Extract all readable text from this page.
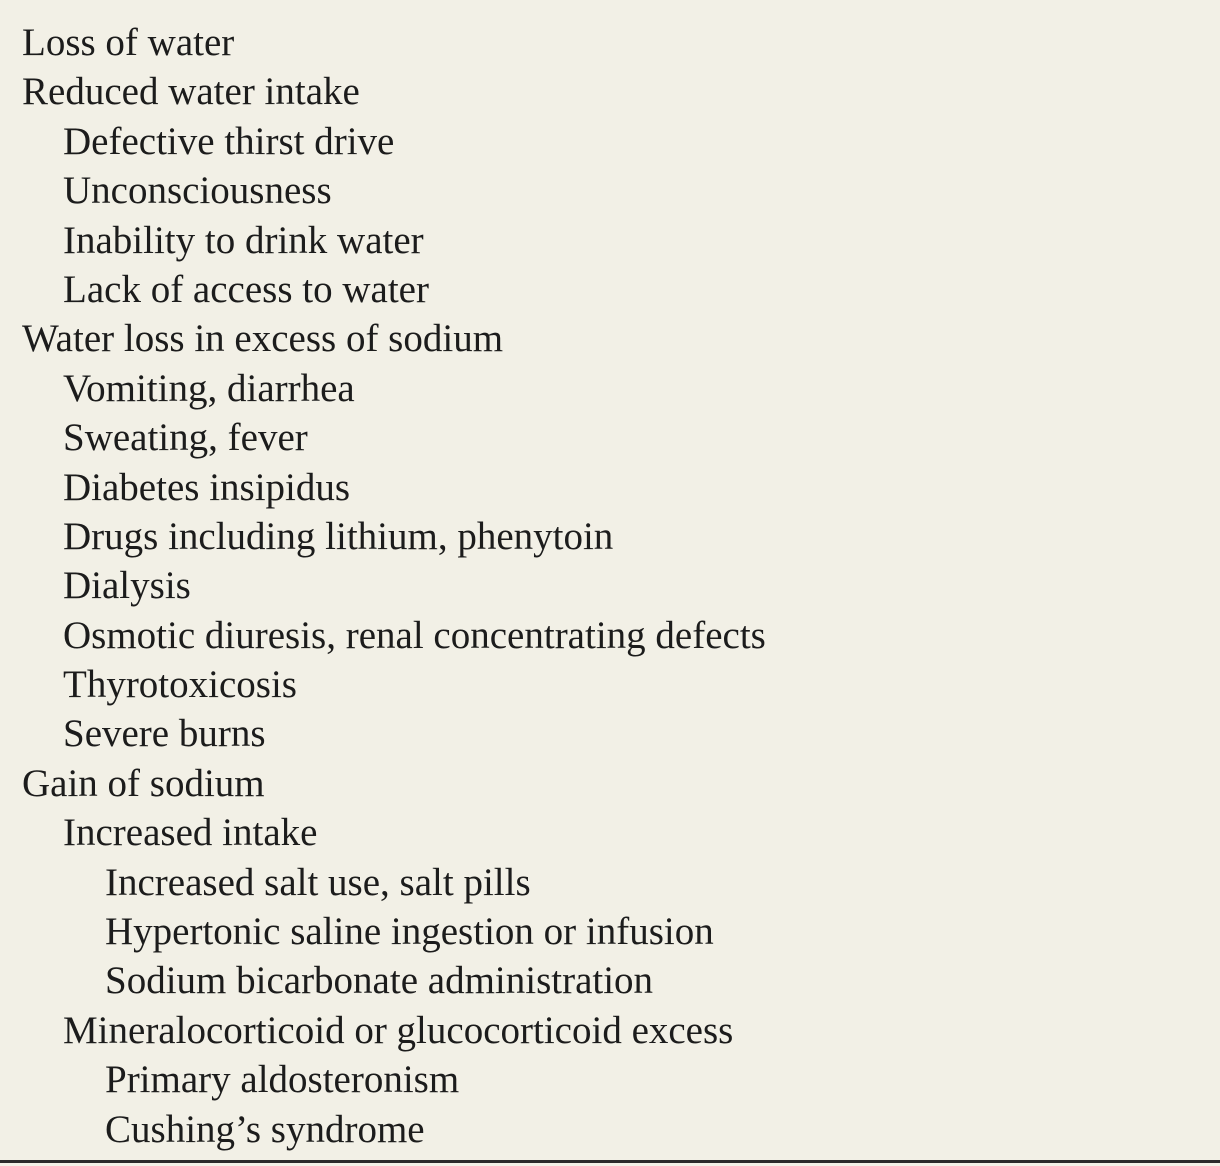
Loss of water
Reduced water intake
Defective thirst drive
Unconsciousness
Inability to drink water
Lack of access to water
Water loss in excess of sodium
Vomiting, diarrhea
Sweating, fever
Diabetes insipidus
Drugs including lithium, phenytoin
Dialysis
Osmotic diuresis, renal concentrating defects
Thyrotoxicosis
Severe burns
Gain of sodium
Increased intake
Increased salt use, salt pills
Hypertonic saline ingestion or infusion
Sodium bicarbonate administration
Mineralocorticoid or glucocorticoid excess
Primary aldosteronism
Cushing’s syndrome
